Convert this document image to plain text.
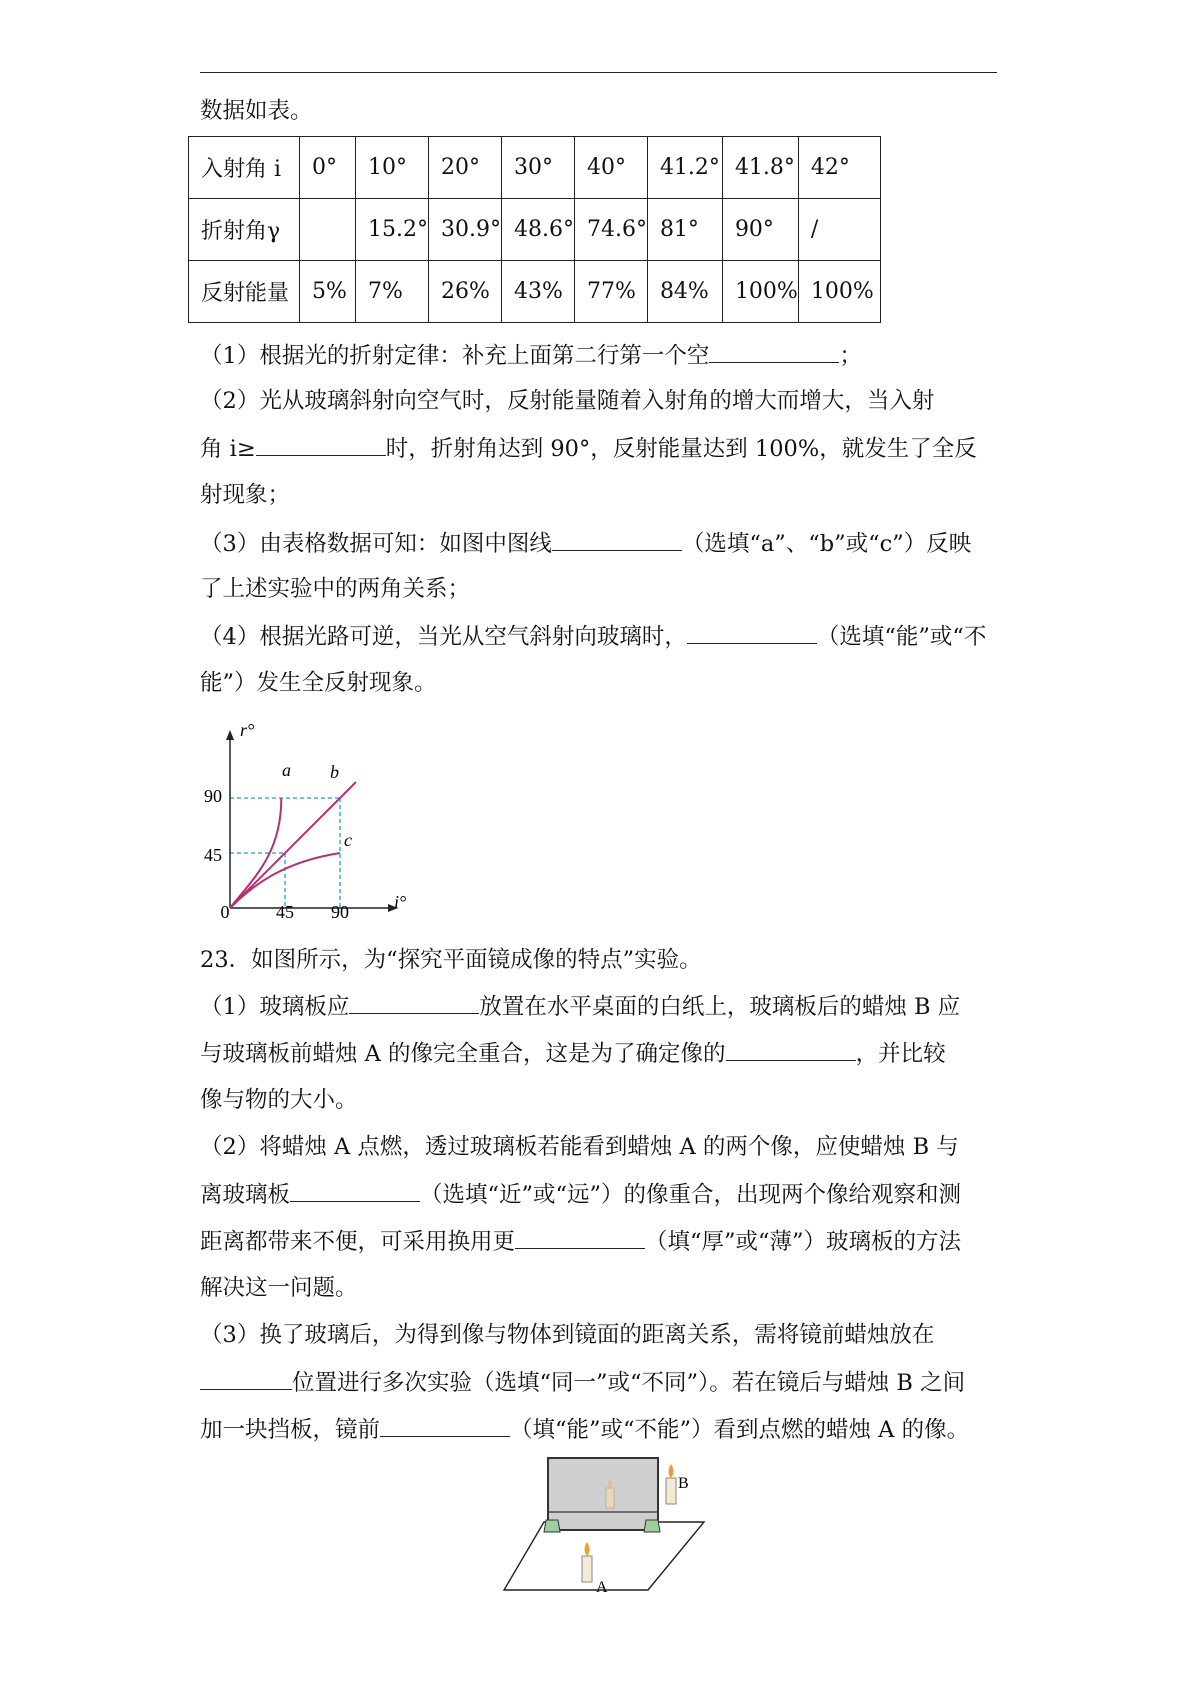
数据如表。
入射角 i	0°	10°	20°	30°	40°	41.2°	41.8°	42°
折射角γ		15.2°	30.9°	48.6°	74.6°	81°	90°	/
反射能量	5%	7%	26%	43%	77%	84%	100%	100%
（1）根据光的折射定律：补充上面第二行第一个空	；
（2）光从玻璃斜射向空气时，反射能量随着入射角的增大而增大，当入射
角 i≥	时，折射角达到 90°，反射能量达到 100%，就发生了全反
射现象；
（3）由表格数据可知：如图中图线	（选填“a”、“b”或“c”）反映
了上述实验中的两角关系；
（4）根据光路可逆，当光从空气斜射向玻璃时，	（选填“能”或“不
能”）发生全反射现象。
r°
i°
0
90
45
45 90
a b
c
23．如图所示，为“探究平面镜成像的特点”实验。
（1）玻璃板应	放置在水平桌面的白纸上，玻璃板后的蜡烛 B 应
与玻璃板前蜡烛 A 的像完全重合，这是为了确定像的	，并比较
像与物的大小。
（2）将蜡烛 A 点燃，透过玻璃板若能看到蜡烛 A 的两个像，应使蜡烛 B 与
离玻璃板	（选填“近”或“远”）的像重合，出现两个像给观察和测
距离都带来不便，可采用换用更	（填“厚”或“薄”）玻璃板的方法
解决这一问题。
（3）换了玻璃后，为得到像与物体到镜面的距离关系，需将镜前蜡烛放在
位置进行多次实验（选填“同一”或“不同”）。若在镜后与蜡烛 B 之间
加一块挡板，镜前	（填“能”或“不能”）看到点燃的蜡烛 A 的像。
B
A
